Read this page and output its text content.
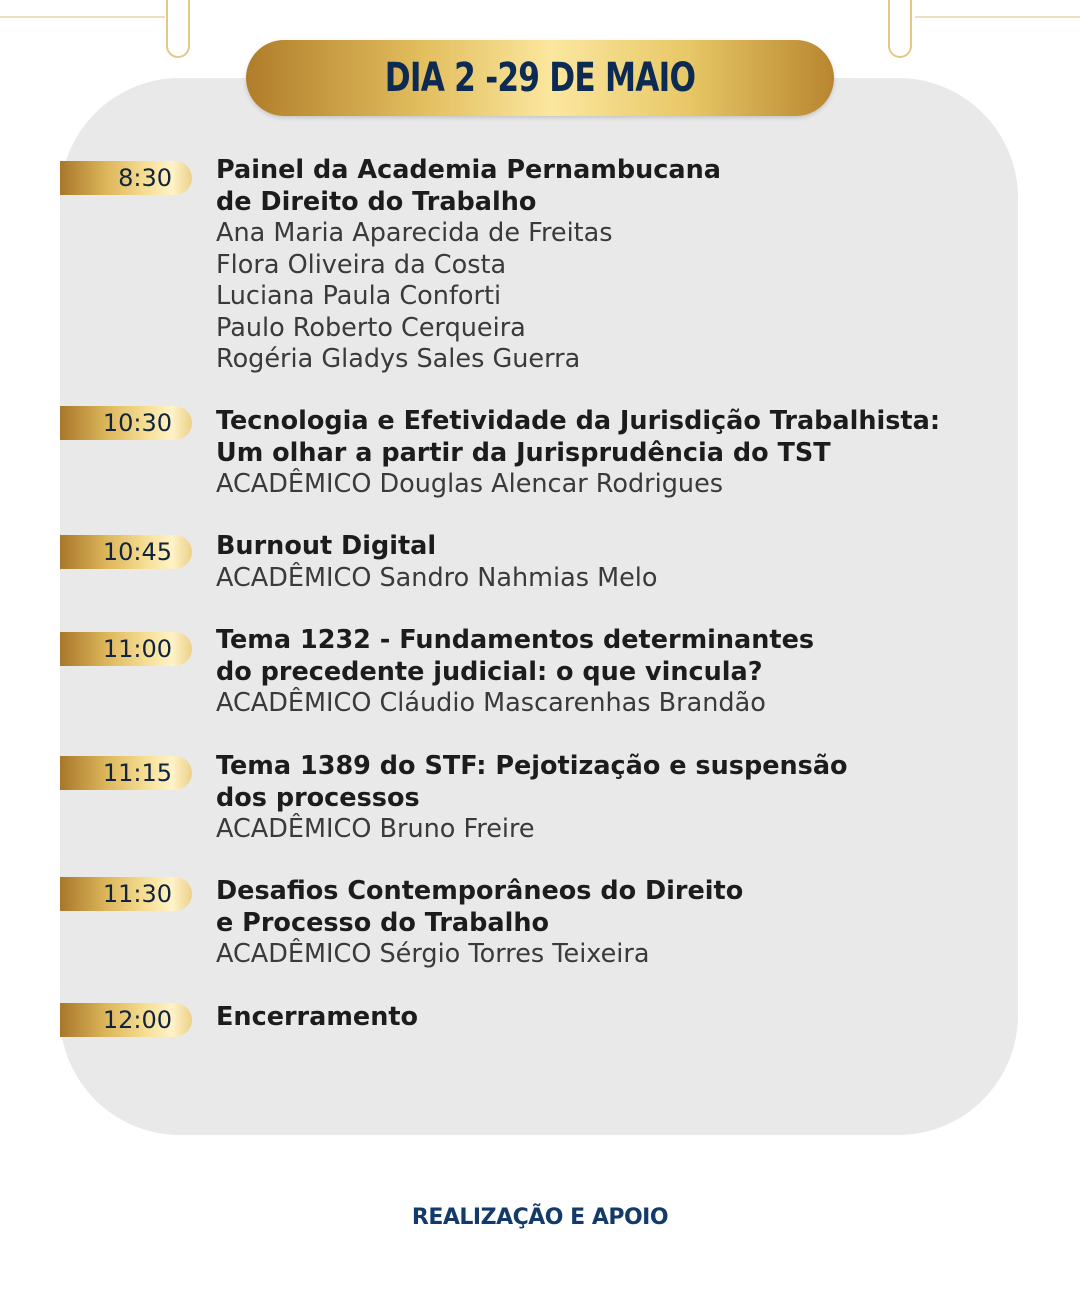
DIA 2 -29 DE MAIO
8:30 Painel da Academia Pernambucana
de Direito do Trabalho
Ana Maria Aparecida de Freitas
Flora Oliveira da Costa
Luciana Paula Conforti
Paulo Roberto Cerqueira
Rogéria Gladys Sales Guerra
10:30 Tecnologia e Efetividade da Jurisdição Trabalhista:
Um olhar a partir da Jurisprudência do TST
ACADÊMICO Douglas Alencar Rodrigues
10:45 Burnout Digital
ACADÊMICO Sandro Nahmias Melo
11:00 Tema 1232 - Fundamentos determinantes
do precedente judicial: o que vincula?
ACADÊMICO Cláudio Mascarenhas Brandão
11:15 Tema 1389 do STF: Pejotização e suspensão
dos processos
ACADÊMICO Bruno Freire
11:30 Desafios Contemporâneos do Direito
e Processo do Trabalho
ACADÊMICO Sérgio Torres Teixeira
12:00 Encerramento
REALIZAÇÃO E APOIO
